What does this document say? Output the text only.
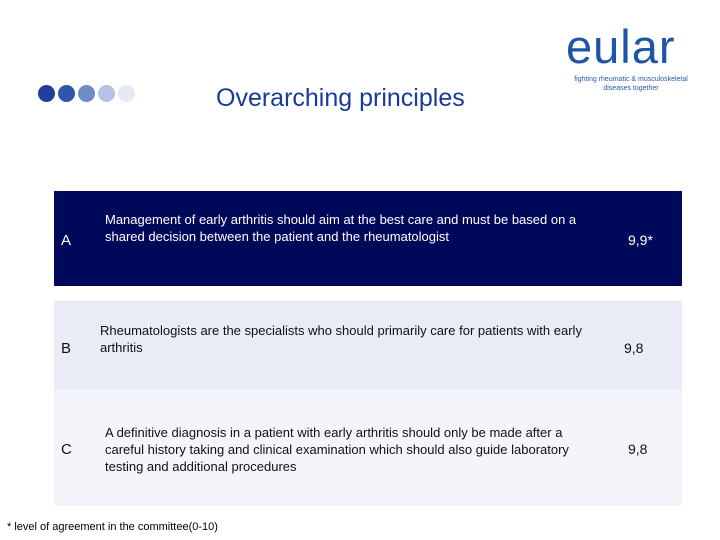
Overarching principles
eular
fighting rheumatic & musculoskeletal diseases together
A
Management of early arthritis should aim at the best care and must be based on a shared decision between the patient and the rheumatologist	9,9*
B
Rheumatologists are the specialists who should primarily care for patients with early arthritis	9,8
C
A definitive diagnosis in a patient with early arthritis should only be made after a careful history taking and clinical examination which should also guide laboratory testing and additional procedures
9,8
* level of agreement in the committee(0-10)
